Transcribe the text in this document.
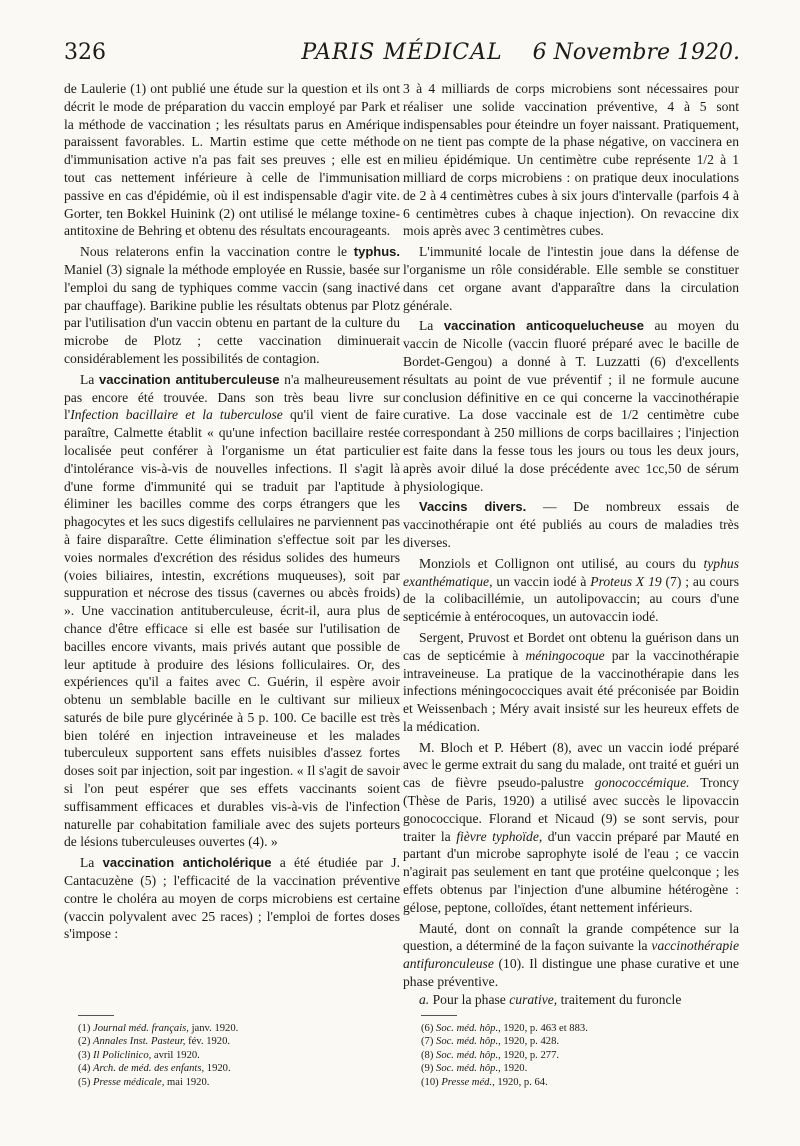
326	PARIS MÉDICAL	6 Novembre 1920.

de Laulerie (1) ont publié une étude sur la question et ils ont décrit le mode de préparation du vaccin employé par Park et la méthode de vaccination ; les résultats parus en Amérique paraissent favorables. L. Martin estime que cette méthode d'immunisation active n'a pas fait ses preuves ; elle est en tout cas nettement inférieure à celle de l'immunisation passive en cas d'épidémie, où il est indispensable d'agir vite. Gorter, ten Bokkel Huinink (2) ont utilisé le mélange toxine-antitoxine de Behring et obtenu des résultats encourageants.

Nous relaterons enfin la vaccination contre le typhus. Maniel (3) signale la méthode employée en Russie, basée sur l'emploi du sang de typhiques comme vaccin (sang inactivé par chauffage). Barikine publie les résultats obtenus par Plotz par l'utilisation d'un vaccin obtenu en partant de la culture du microbe de Plotz ; cette vaccination diminuerait considérablement les possibilités de contagion.

La vaccination antituberculeuse n'a malheureusement pas encore été trouvée. Dans son très beau livre sur l'Infection bacillaire et la tuberculose qu'il vient de faire paraître, Calmette établit « qu'une infection bacillaire restée localisée peut conférer à l'organisme un état particulier d'intolérance vis-à-vis de nouvelles infections. Il s'agit là d'une forme d'immunité qui se traduit par l'aptitude à éliminer les bacilles comme des corps étrangers que les phagocytes et les sucs digestifs cellulaires ne parviennent pas à faire disparaître. Cette élimination s'effectue soit par les voies normales d'excrétion des résidus solides des humeurs (voies biliaires, intestin, excrétions muqueuses), soit par suppuration et nécrose des tissus (cavernes ou abcès froids) ». Une vaccination antituberculeuse, écrit-il, aura plus de chance d'être efficace si elle est basée sur l'utilisation de bacilles encore vivants, mais privés autant que possible de leur aptitude à produire des lésions folliculaires. Or, des expériences qu'il a faites avec C. Guérin, il espère avoir obtenu un semblable bacille en le cultivant sur milieux saturés de bile pure glycérinée à 5 p. 100. Ce bacille est très bien toléré en injection intraveineuse et les malades tuberculeux supportent sans effets nuisibles d'assez fortes doses soit par injection, soit par ingestion. « Il s'agit de savoir si l'on peut espérer que ses effets vaccinants soient suffisamment efficaces et durables vis-à-vis de l'infection naturelle par cohabitation familiale avec des sujets porteurs de lésions tuberculeuses ouvertes (4). »

La vaccination anticholérique a été étudiée par J. Cantacuzène (5) ; l'efficacité de la vaccination préventive contre le choléra au moyen de corps microbiens est certaine (vaccin polyvalent avec 25 races) ; l'emploi de fortes doses s'impose :

3 à 4 milliards de corps microbiens sont nécessaires pour réaliser une solide vaccination préventive, 4 à 5 sont indispensables pour éteindre un foyer naissant. Pratiquement, on ne tient pas compte de la phase négative, on vaccinera en milieu épidémique. Un centimètre cube représente 1/2 à 1 milliard de corps microbiens : on pratique deux inoculations de 2 à 4 centimètres cubes à six jours d'intervalle (parfois 4 à 6 centimètres cubes à chaque injection). On revaccine dix mois après avec 3 centimètres cubes.

L'immunité locale de l'intestin joue dans la défense de l'organisme un rôle considérable. Elle semble se constituer dans cet organe avant d'apparaître dans la circulation générale.

La vaccination anticoquelucheuse au moyen du vaccin de Nicolle (vaccin fluoré préparé avec le bacille de Bordet-Gengou) a donné à T. Luzzatti (6) d'excellents résultats au point de vue préventif ; il ne formule aucune conclusion définitive en ce qui concerne la vaccinothérapie curative. La dose vaccinale est de 1/2 centimètre cube correspondant à 250 millions de corps bacillaires ; l'injection est faite dans la fesse tous les jours ou tous les deux jours, après avoir dilué la dose précédente avec 1cc,50 de sérum physiologique.

Vaccins divers. — De nombreux essais de vaccinothérapie ont été publiés au cours de maladies très diverses.

Monziols et Collignon ont utilisé, au cours du typhus exanthématique, un vaccin iodé à Proteus X 19 (7) ; au cours de la colibacillémie, un autolipovaccin; au cours d'une septicémie à entérocoques, un autovaccin iodé.

Sergent, Pruvost et Bordet ont obtenu la guérison dans un cas de septicémie à méningocoque par la vaccinothérapie intraveineuse. La pratique de la vaccinothérapie dans les infections méningococciques avait été préconisée par Boidin et Weissenbach ; Méry avait insisté sur les heureux effets de la médication.

M. Bloch et P. Hébert (8), avec un vaccin iodé préparé avec le germe extrait du sang du malade, ont traité et guéri un cas de fièvre pseudo-palustre gonococcémique. Troncy (Thèse de Paris, 1920) a utilisé avec succès le lipovaccin gonococcique. Florand et Nicaud (9) se sont servis, pour traiter la fièvre typhoïde, d'un vaccin préparé par Mauté en partant d'un microbe saprophyte isolé de l'eau ; ce vaccin n'agirait pas seulement en tant que protéine quelconque ; les effets obtenus par l'injection d'une albumine hétérogène : gélose, peptone, colloïdes, étant nettement inférieurs.

Mauté, dont on connaît la grande compétence sur la question, a déterminé de la façon suivante la vaccinothérapie antifuronculeuse (10). Il distingue une phase curative et une phase préventive.

a. Pour la phase curative, traitement du furoncle

(1) Journal méd. français, janv. 1920.
(2) Annales Inst. Pasteur, fév. 1920.
(3) Il Policlinico, avril 1920.
(4) Arch. de méd. des enfants, 1920.
(5) Presse médicale, mai 1920.
(6) Soc. méd. hôp., 1920, p. 463 et 883.
(7) Soc. méd. hôp., 1920, p. 428.
(8) Soc. méd. hôp., 1920, p. 277.
(9) Soc. méd. hôp., 1920.
(10) Presse méd., 1920, p. 64.
